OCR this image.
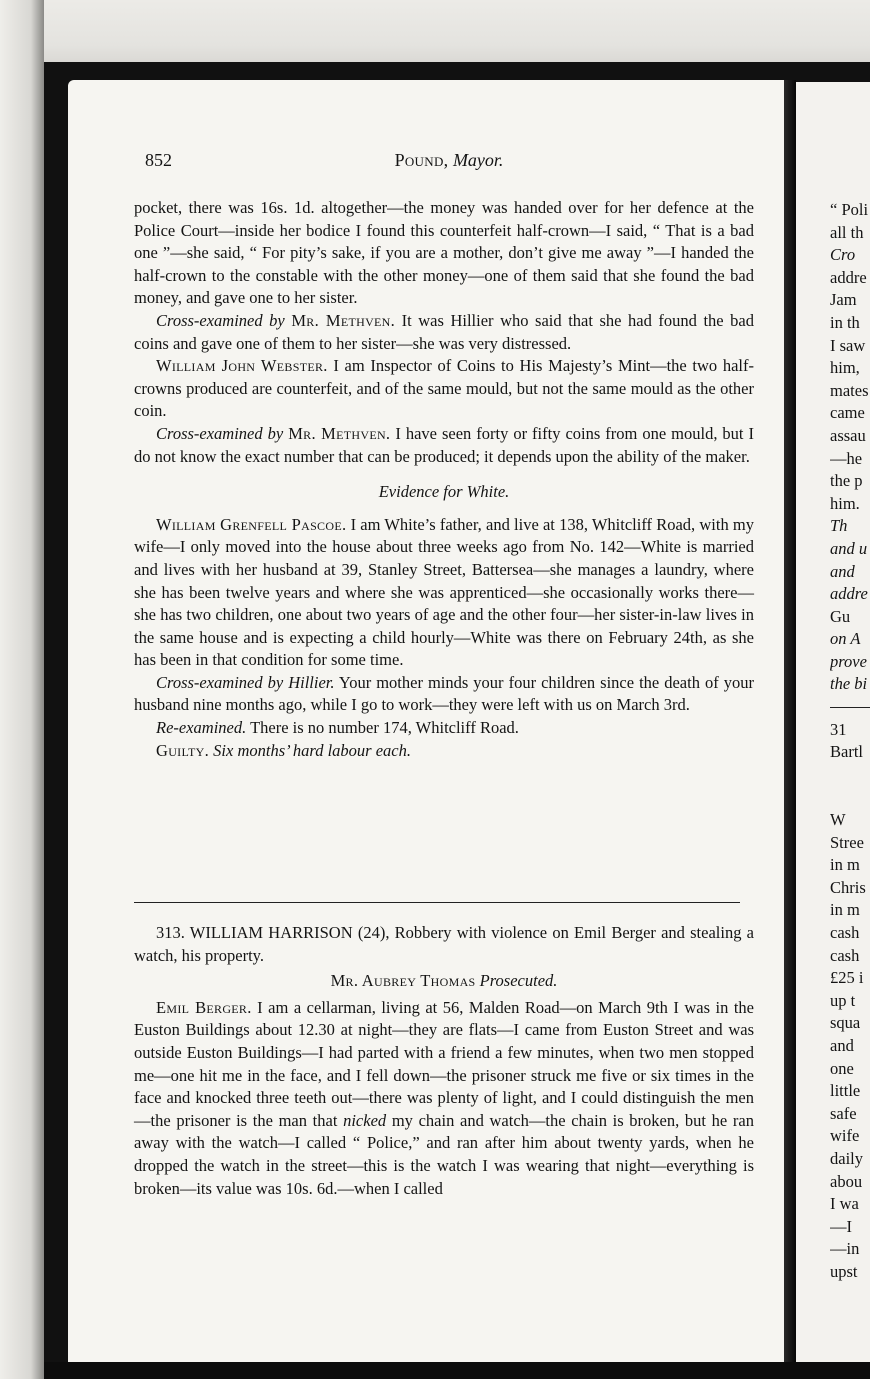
852	Pound, Mayor.

pocket, there was 16s. 1d. altogether—the money was handed over for her defence at the Police Court—inside her bodice I found this counterfeit half-crown—I said, “ That is a bad one ”—she said, “ For pity’s sake, if you are a mother, don’t give me away ”—I handed the half-crown to the constable with the other money—one of them said that she found the bad money, and gave one to her sister.

Cross-examined by Mr. Methven. It was Hillier who said that she had found the bad coins and gave one of them to her sister—she was very distressed.

William John Webster. I am Inspector of Coins to His Majesty’s Mint—the two half-crowns produced are counterfeit, and of the same mould, but not the same mould as the other coin.

Cross-examined by Mr. Methven. I have seen forty or fifty coins from one mould, but I do not know the exact number that can be produced; it depends upon the ability of the maker.

Evidence for White.

William Grenfell Pascoe. I am White’s father, and live at 138, Whitcliff Road, with my wife—I only moved into the house about three weeks ago from No. 142—White is married and lives with her husband at 39, Stanley Street, Battersea—she manages a laundry, where she has been twelve years and where she was apprenticed—she occasionally works there—she has two children, one about two years of age and the other four—her sister-in-law lives in the same house and is expecting a child hourly—White was there on February 24th, as she has been in that condition for some time.

Cross-examined by Hillier. Your mother minds your four children since the death of your husband nine months ago, while I go to work—they were left with us on March 3rd.

Re-examined. There is no number 174, Whitcliff Road.

Guilty. Six months’ hard labour each.

313. WILLIAM HARRISON (24), Robbery with violence on Emil Berger and stealing a watch, his property.

Mr. Aubrey Thomas Prosecuted.

Emil Berger. I am a cellarman, living at 56, Malden Road—on March 9th I was in the Euston Buildings about 12.30 at night—they are flats—I came from Euston Street and was outside Euston Buildings—I had parted with a friend a few minutes, when two men stopped me—one hit me in the face, and I fell down—the prisoner struck me five or six times in the face and knocked three teeth out—there was plenty of light, and I could distinguish the men—the prisoner is the man that nicked my chain and watch—the chain is broken, but he ran away with the watch—I called “ Police,” and ran after him about twenty yards, when he dropped the watch in the street—this is the watch I was wearing that night—everything is broken—its value was 10s. 6d.—when I called

“ Poli
all th
Cro
addre
Jam
in th
I saw
him,
mates
came
assau
—he
the p
him.
Th
and u
and
addre
Gu
on A
prove
the bi
31
Bartl
W
Stree
in m
Chris
in m
cash
cash
£25 i
up t
squa
and
one
little
safe
wife
daily
abou
I wa
—I
—in
upst
